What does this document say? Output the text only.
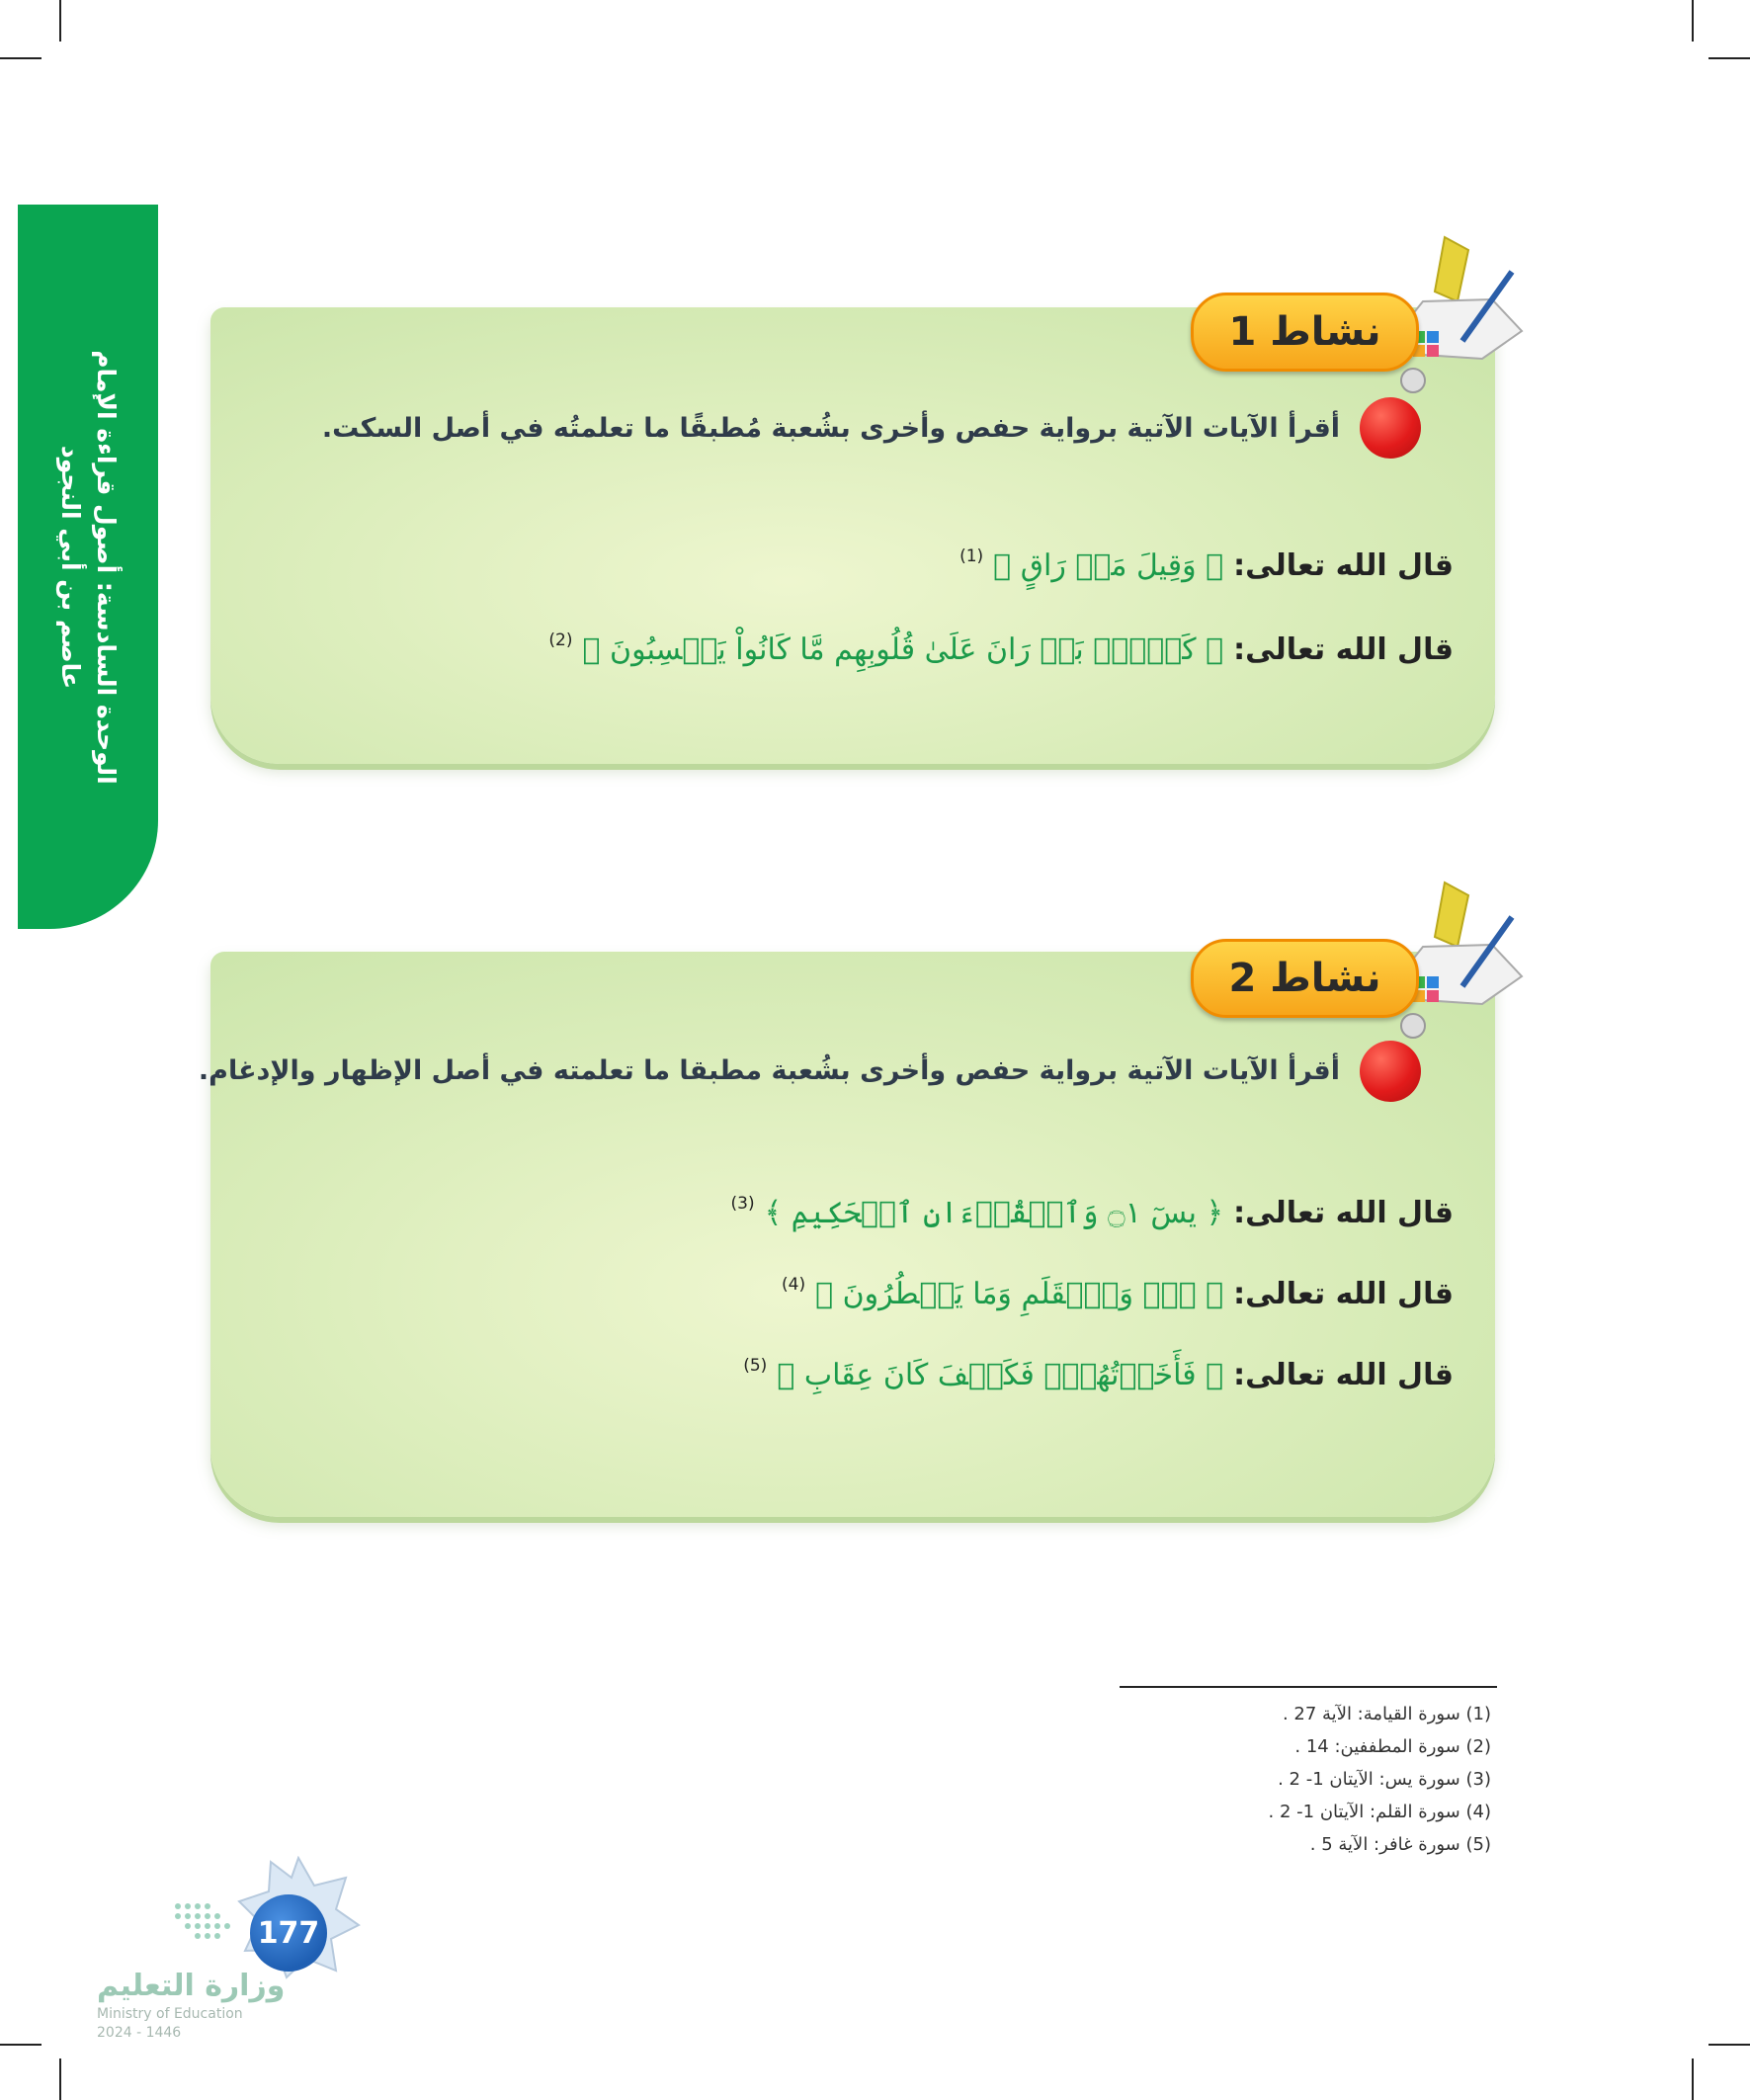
الوحدة السادسة: أصول قراءة الإمام
عاصم بن أبي النجود
نشاط 1
أقرأ الآيات الآتية برواية حفص وأخرى بشُعبة مُطبقًا ما تعلمتُه في أصل السكت.
قال الله تعالى:
﴿ وَقِيلَ مَنۜ رَاقٍ ﴾
(1)
قال الله تعالى:
﴿ كَلَّاۖ بَلۜ رَانَ عَلَىٰ قُلُوبِهِم مَّا كَانُواْ يَكۡسِبُونَ ﴾
(2)
نشاط 2
أقرأ الآيات الآتية برواية حفص وأخرى بشُعبة مطبقا ما تعلمته في أصل الإظهار والإدغام.
قال الله تعالى:
﴿ يسٓ ۝١ وَٱلۡقُرۡءَانِ ٱلۡحَكِيمِ ﴾
(3)
قال الله تعالى:
﴿ نٓۚ وَٱلۡقَلَمِ وَمَا يَسۡطُرُونَ ﴾
(4)
قال الله تعالى:
﴿ فَأَخَذۡتُهُمۡۖ فَكَيۡفَ كَانَ عِقَابِ ﴾
(5)
(1) سورة القيامة: الآية 27 .
(2) سورة المطففين: 14 .
(3) سورة يس: الآيتان 1- 2 .
(4) سورة القلم: الآيتان 1- 2 .
(5) سورة غافر: الآية 5 .
177
وزارة التعليم
Ministry of Education
2024 - 1446
